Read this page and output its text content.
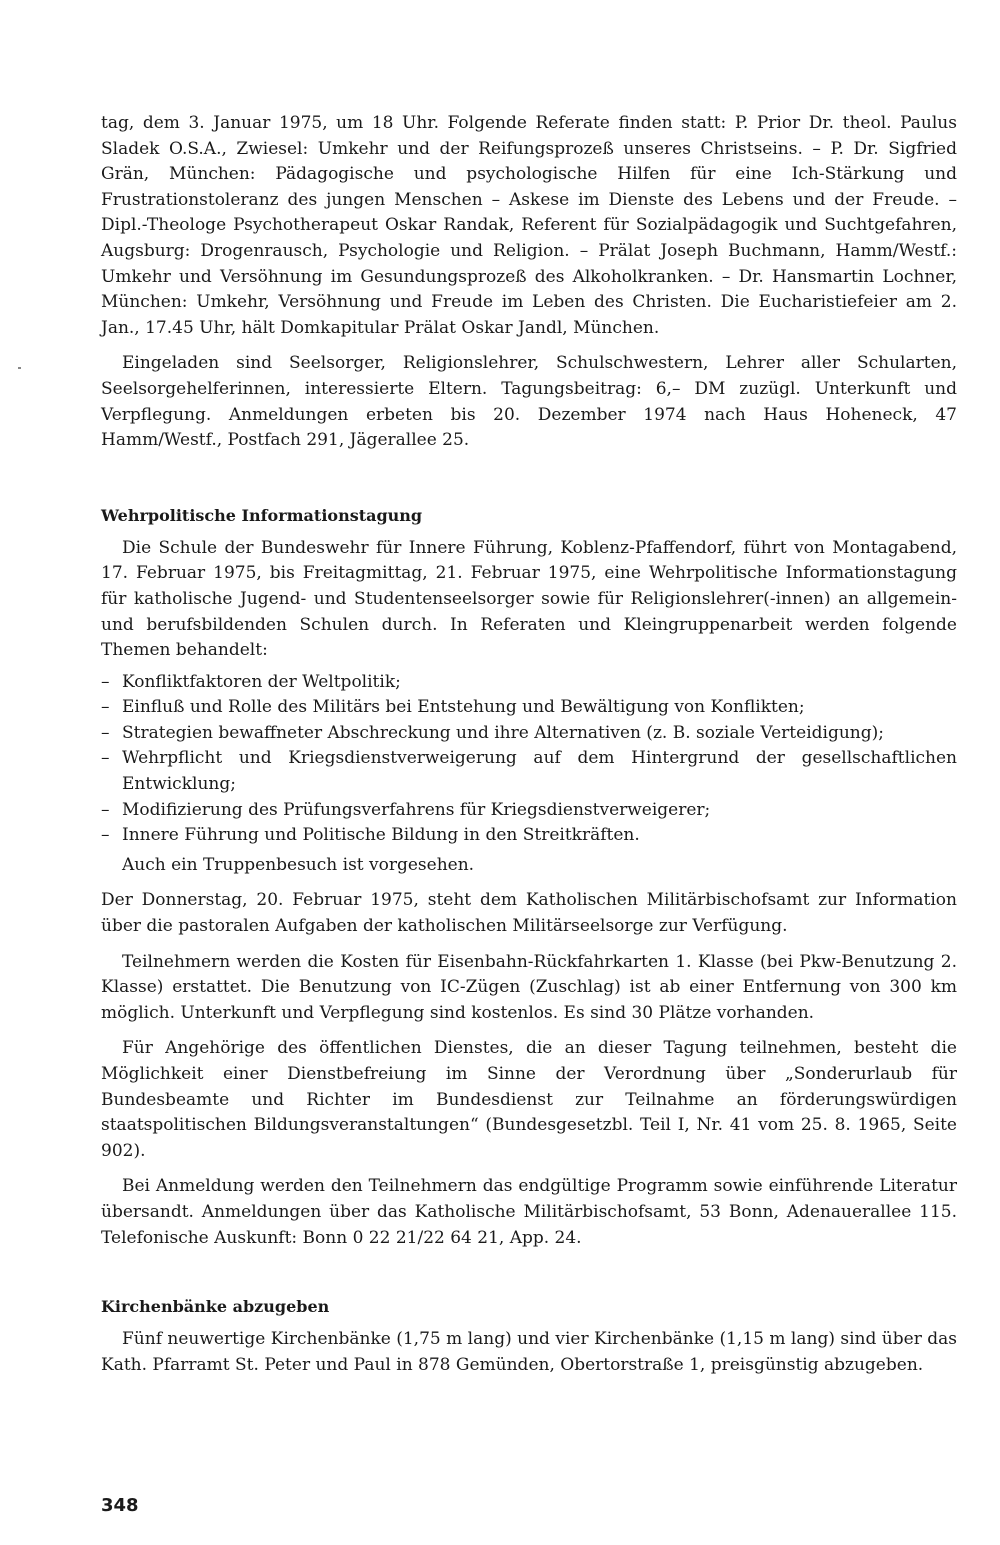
tag, dem 3. Januar 1975, um 18 Uhr. Folgende Referate finden statt: P. Prior Dr. theol. Paulus Sladek O.S.A., Zwiesel: Umkehr und der Reifungsprozeß unseres Christseins. – P. Dr. Sigfried Grän, München: Pädagogische und psychologische Hilfen für eine Ich-Stärkung und Frustrationstoleranz des jungen Menschen – Askese im Dienste des Lebens und der Freude. – Dipl.-Theologe Psychotherapeut Oskar Randak, Referent für Sozialpädagogik und Suchtgefahren, Augsburg: Drogenrausch, Psychologie und Religion. – Prälat Joseph Buchmann, Hamm/Westf.: Umkehr und Versöhnung im Gesundungsprozeß des Alkoholkranken. – Dr. Hansmartin Lochner, München: Umkehr, Versöhnung und Freude im Leben des Christen. Die Eucharistiefeier am 2. Jan., 17.45 Uhr, hält Domkapitular Prälat Oskar Jandl, München.

Eingeladen sind Seelsorger, Religionslehrer, Schulschwestern, Lehrer aller Schularten, Seelsorgehelferinnen, interessierte Eltern. Tagungsbeitrag: 6,– DM zuzügl. Unterkunft und Verpflegung. Anmeldungen erbeten bis 20. Dezember 1974 nach Haus Hoheneck, 47 Hamm/Westf., Postfach 291, Jägerallee 25.

Wehrpolitische Informationstagung

Die Schule der Bundeswehr für Innere Führung, Koblenz-Pfaffendorf, führt von Montagabend, 17. Februar 1975, bis Freitagmittag, 21. Februar 1975, eine Wehrpolitische Informationstagung für katholische Jugend- und Studentenseelsorger sowie für Religionslehrer(-innen) an allgemein- und berufsbildenden Schulen durch. In Referaten und Kleingruppenarbeit werden folgende Themen behandelt:

– Konfliktfaktoren der Weltpolitik;
– Einfluß und Rolle des Militärs bei Entstehung und Bewältigung von Konflikten;
– Strategien bewaffneter Abschreckung und ihre Alternativen (z. B. soziale Verteidigung);
– Wehrpflicht und Kriegsdienstverweigerung auf dem Hintergrund der gesellschaftlichen Entwicklung;
– Modifizierung des Prüfungsverfahrens für Kriegsdienstverweigerer;
– Innere Führung und Politische Bildung in den Streitkräften.

Auch ein Truppenbesuch ist vorgesehen.

Der Donnerstag, 20. Februar 1975, steht dem Katholischen Militärbischofsamt zur Information über die pastoralen Aufgaben der katholischen Militärseelsorge zur Verfügung.

Teilnehmern werden die Kosten für Eisenbahn-Rückfahrkarten 1. Klasse (bei Pkw-Benutzung 2. Klasse) erstattet. Die Benutzung von IC-Zügen (Zuschlag) ist ab einer Entfernung von 300 km möglich. Unterkunft und Verpflegung sind kostenlos. Es sind 30 Plätze vorhanden.

Für Angehörige des öffentlichen Dienstes, die an dieser Tagung teilnehmen, besteht die Möglichkeit einer Dienstbefreiung im Sinne der Verordnung über „Sonderurlaub für Bundesbeamte und Richter im Bundesdienst zur Teilnahme an förderungswürdigen staatspolitischen Bildungsveranstaltungen“ (Bundesgesetzbl. Teil I, Nr. 41 vom 25. 8. 1965, Seite 902).

Bei Anmeldung werden den Teilnehmern das endgültige Programm sowie einführende Literatur übersandt. Anmeldungen über das Katholische Militärbischofsamt, 53 Bonn, Adenauerallee 115. Telefonische Auskunft: Bonn 0 22 21/22 64 21, App. 24.

Kirchenbänke abzugeben

Fünf neuwertige Kirchenbänke (1,75 m lang) und vier Kirchenbänke (1,15 m lang) sind über das Kath. Pfarramt St. Peter und Paul in 878 Gemünden, Obertorstraße 1, preisgünstig abzugeben.

348
